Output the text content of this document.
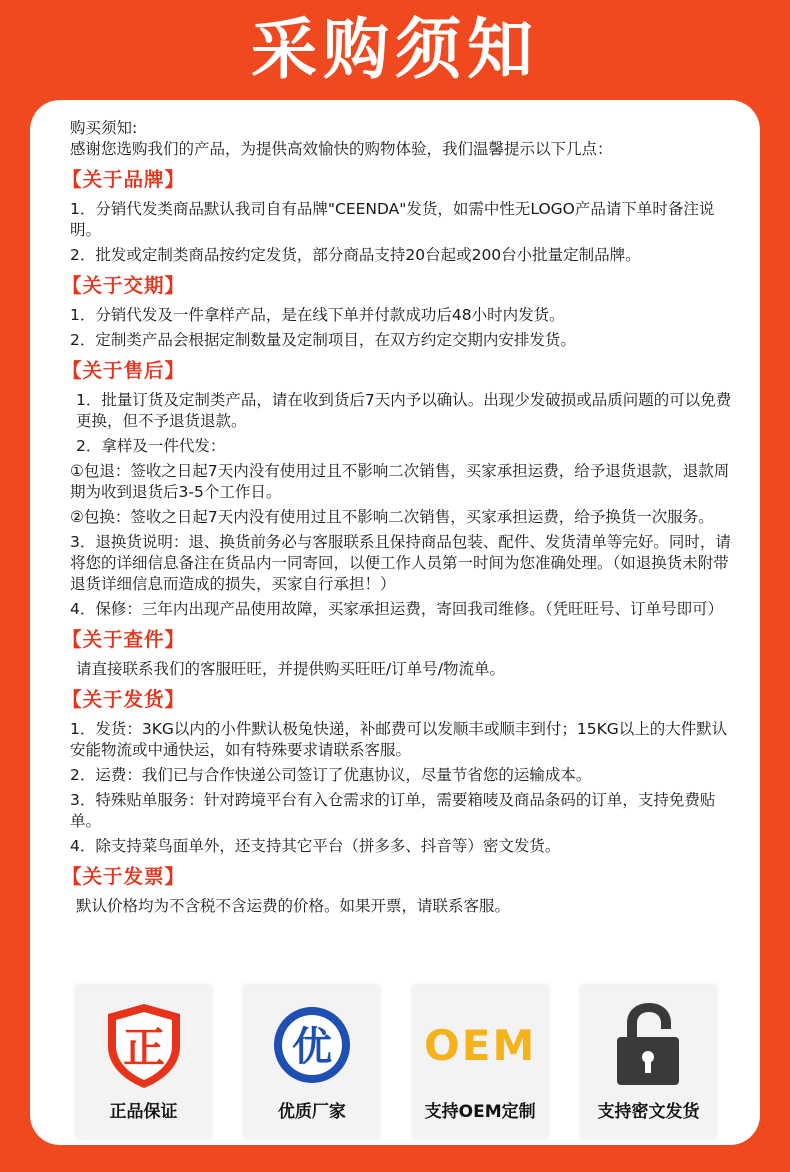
采购须知

购买须知:

感谢您选购我们的产品，为提供高效愉快的购物体验，我们温馨提示以下几点：

【关于品牌】
1．分销代发类商品默认我司自有品牌"CEENDA"发货，如需中性无LOGO产品请下单时备注说明。
2．批发或定制类商品按约定发货，部分商品支持20台起或200台小批量定制品牌。
【关于交期】
1．分销代发及一件拿样产品，是在线下单并付款成功后48小时内发货。
2．定制类产品会根据定制数量及定制项目，在双方约定交期内安排发货。
【关于售后】
1．批量订货及定制类产品，请在收到货后7天内予以确认。出现少发破损或品质问题的可以免费更换，但不予退货退款。
2．拿样及一件代发：
①包退：签收之日起7天内没有使用过且不影响二次销售，买家承担运费，给予退货退款，退款周期为收到退货后3-5个工作日。
②包换：签收之日起7天内没有使用过且不影响二次销售，买家承担运费，给予换货一次服务。
3．退换货说明：退、换货前务必与客服联系且保持商品包装、配件、发货清单等完好。同时，请将您的详细信息备注在货品内一同寄回，以便工作人员第一时间为您准确处理。（如退换货未附带退货详细信息而造成的损失，买家自行承担！）
4．保修：三年内出现产品使用故障，买家承担运费，寄回我司维修。（凭旺旺号、订单号即可）
【关于查件】
请直接联系我们的客服旺旺，并提供购买旺旺/订单号/物流单。
【关于发货】
1．发货：3KG以内的小件默认极兔快递，补邮费可以发顺丰或顺丰到付；15KG以上的大件默认安能物流或中通快运，如有特殊要求请联系客服。
2．运费：我们已与合作快递公司签订了优惠协议，尽量节省您的运输成本。
3．特殊贴单服务：针对跨境平台有入仓需求的订单，需要箱唛及商品条码的订单，支持免费贴单。
4．除支持菜鸟面单外，还支持其它平台（拼多多、抖音等）密文发货。
【关于发票】
默认价格均为不含税不含运费的价格。如果开票，请联系客服。
正
正品保证
优
优质厂家
OEM
支持OEM定制	支持密文发货
